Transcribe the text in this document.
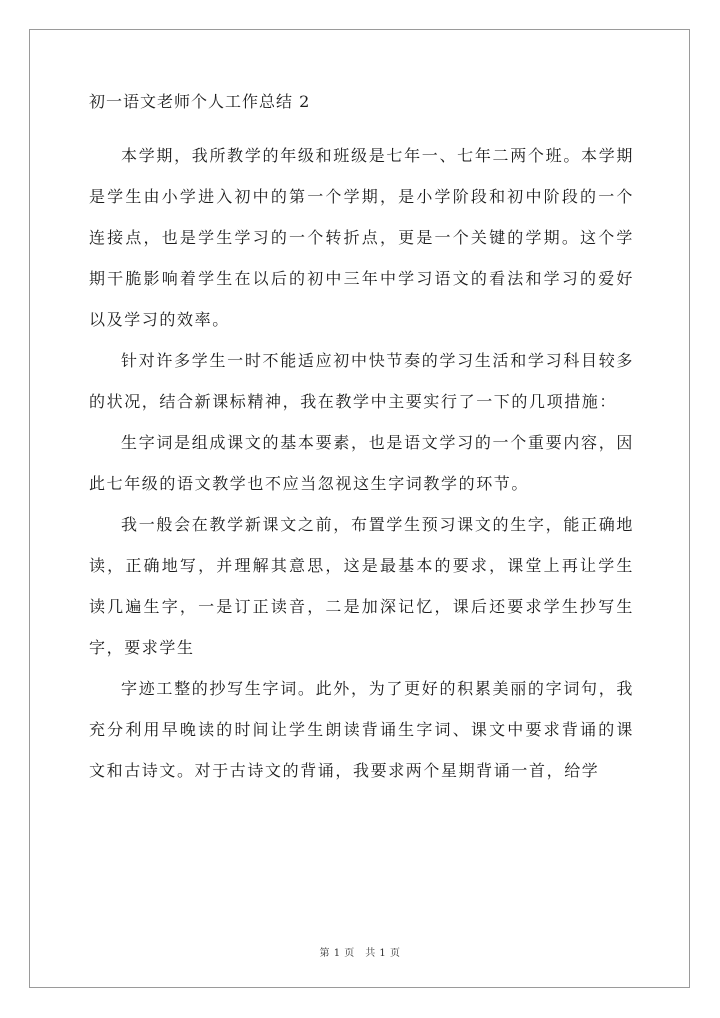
初一语文老师个人工作总结 2

本学期，我所教学的年级和班级是七年一、七年二两个班。本学期是学生由小学进入初中的第一个学期，是小学阶段和初中阶段的一个连接点，也是学生学习的一个转折点，更是一个关键的学期。这个学期干脆影响着学生在以后的初中三年中学习语文的看法和学习的爱好以及学习的效率。

针对许多学生一时不能适应初中快节奏的学习生活和学习科目较多的状况，结合新课标精神，我在教学中主要实行了一下的几项措施：

生字词是组成课文的基本要素，也是语文学习的一个重要内容，因此七年级的语文教学也不应当忽视这生字词教学的环节。

我一般会在教学新课文之前，布置学生预习课文的生字，能正确地读，正确地写，并理解其意思，这是最基本的要求，课堂上再让学生读几遍生字，一是订正读音，二是加深记忆，课后还要求学生抄写生字，要求学生

字迹工整的抄写生字词。此外，为了更好的积累美丽的字词句，我充分利用早晚读的时间让学生朗读背诵生字词、课文中要求背诵的课文和古诗文。对于古诗文的背诵，我要求两个星期背诵一首，给学

第 1 页　共 1 页
